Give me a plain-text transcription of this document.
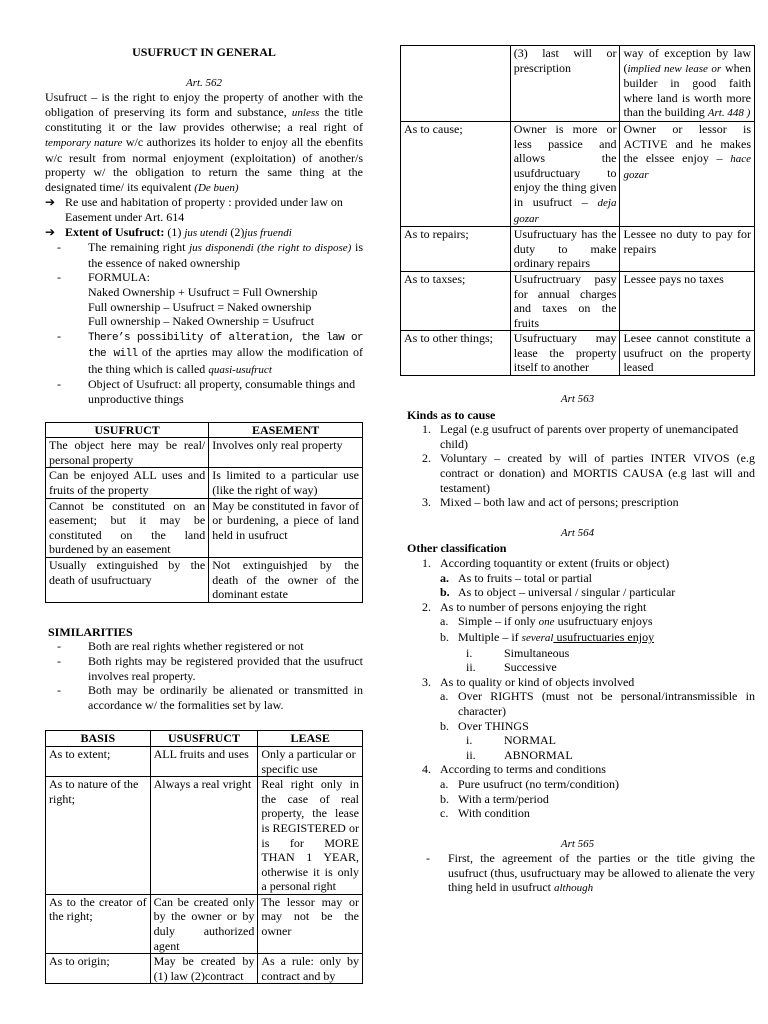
USUFRUCT IN GENERAL

Art. 562

Usufruct – is the right to enjoy the property of another with the obligation of preserving its form and substance, unless the title constituting it or the law provides otherwise; a real right of temporary nature w/c authorizes its holder to enjoy all the ebenfits w/c result from normal enjoyment (exploitation) of another/s property w/ the obligation to return the same thing at the designated time/ its equivalent (De buen)

➔ Re use and habitation of property : provided under law on Easement under Art. 614
➔ Extent of Usufruct: (1) jus utendi (2)jus fruendi
-	The remaining right jus disponendi (the right to dispose) is the essence of naked ownership
-	FORMULA:
Naked Ownership + Usufruct = Full Ownership
Full ownership – Usufruct = Naked ownership
Full ownership – Naked Ownership = Usufruct
-	There’s possibility of alteration, the law or the will of the aprties may allow the modification of the thing which is called quasi-usufruct
-	Object of Usufruct: all property, consumable things and unproductive things
USUFRUCT	EASEMENT
The object here may be real/ personal property	Involves only real property
Can be enjoyed ALL uses and fruits of the property	Is limited to a particular use (like the right of way)
Cannot be constituted on an easement; but it may be constituted on the land burdened by an easement	May be constituted in favor of or burdening, a piece of land held in usufruct
Usually extinguished by the death of usufructuary	Not extinguishjed by the death of the owner of the dominant estate

SIMILARITIES

-	Both are real rights whether registered or not
-	Both rights may be registered provided that the usufruct involves real property.
-	Both may be ordinarily be alienated or transmitted in accordance w/ the formalities set by law.
BASIS	USUSFRUCT	LEASE
As to extent;	ALL fruits and uses	Only a particular or specific use
As to nature of the right;	Always a real vright	Real right only in the case of real property, the lease is REGISTERED or is for MORE THAN 1 YEAR, otherwise it is only a personal right
As to the creator of the right;	Can be created only by the owner or by duly authorized agent	The lessor may or may not be the owner
As to origin;	May be created by (1) law (2)contract	As a rule: only by contract and by
	(3) last will or prescription	way of exception by law (implied new lease or when builder in good faith where land is worth more than the building Art. 448 )
As to cause;	Owner is more or less passice and allows the usufdructuary to enjoy the thing given in usufruct – deja gozar	Owner or lessor is ACTIVE and he makes the elssee enjoy – hace gozar
As to repairs;	Usufructuary has the duty to make ordinary repairs	Lessee no duty to pay for repairs
As to taxses;	Usufructruary pasy for annual charges and taxes on the fruits	Lessee pays no taxes
As to other things;	Usufructuary may lease the property itself to another	Lesee cannot constitute a usufruct on the property leased

Art 563

Kinds as to cause

1. Legal (e.g usufruct of parents over property of unemancipated child)
2. Voluntary – created by will of parties INTER VIVOS (e.g contract or donation) and MORTIS CAUSA (e.g last will and testament)
3. Mixed – both law and act of persons; prescription

Art 564

Other classification

1. According toquantity or extent (fruits or object)
a. As to fruits – total or partial
b. As to object – universal / singular / particular
2. As to number of persons enjoying the right
a. Simple – if only one usufructuary enjoys
b. Multiple – if several usufructuaries enjoy
i.	Simultaneous
ii.	Successive
3. As to quality or kind of objects involved
a. Over RIGHTS (must not be personal/intransmissible in character)
b. Over THINGS
i.	NORMAL
ii.	ABNORMAL
4. According to terms and conditions
a. Pure usufruct (no term/condition)
b. With a term/period
c. With condition

Art 565

-	First, the agreement of the parties or the title giving the usufruct (thus, usufructuary may be allowed to alienate the very thing held in usufruct although
